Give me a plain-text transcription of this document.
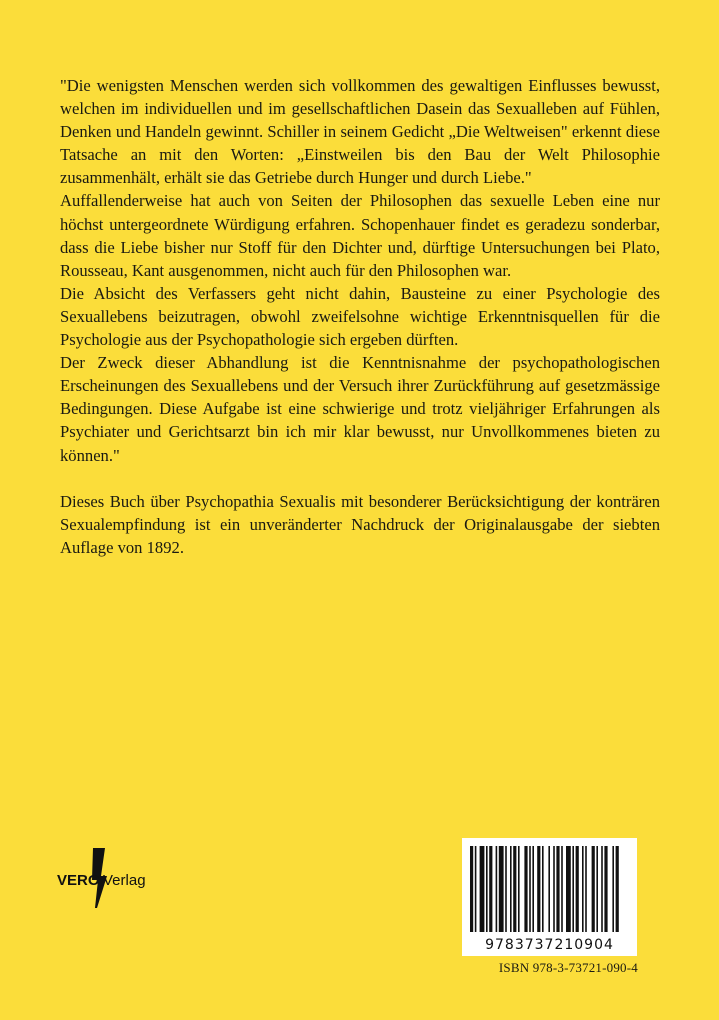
"Die wenigsten Menschen werden sich vollkommen des gewaltigen Einflusses bewusst, welchen im individuellen und im gesellschaftlichen Dasein das Sexualleben auf Fühlen, Denken und Handeln gewinnt. Schiller in seinem Gedicht „Die Weltweisen" erkennt diese Tatsache an mit den Worten: „Einstweilen bis den Bau der Welt Philosophie zusammenhält, erhält sie das Getriebe durch Hunger und durch Liebe."

Auffallenderweise hat auch von Seiten der Philosophen das sexuelle Leben eine nur höchst untergeordnete Würdigung erfahren. Schopenhauer findet es geradezu sonderbar, dass die Liebe bisher nur Stoff für den Dichter und, dürftige Untersuchungen bei Plato, Rousseau, Kant ausgenommen, nicht auch für den Philosophen war.

Die Absicht des Verfassers geht nicht dahin, Bausteine zu einer Psychologie des Sexuallebens beizutragen, obwohl zweifelsohne wichtige Erkenntnisquellen für die Psychologie aus der Psychopathologie sich ergeben dürften.

Der Zweck dieser Abhandlung ist die Kenntnisnahme der psychopathologischen Erscheinungen des Sexuallebens und der Versuch ihrer Zurückführung auf gesetzmässige Bedingungen. Diese Aufgabe ist eine schwierige und trotz vieljähriger Erfahrungen als Psychiater und Gerichtsarzt bin ich mir klar bewusst, nur Unvollkommenes bieten zu können."

Dieses Buch über Psychopathia Sexualis mit besonderer Berücksichtigung der konträren Sexualempfindung ist ein unveränderter Nachdruck der Originalausgabe der siebten Auflage von 1892.

VERO Verlag
9783737210904
ISBN 978-3-73721-090-4
